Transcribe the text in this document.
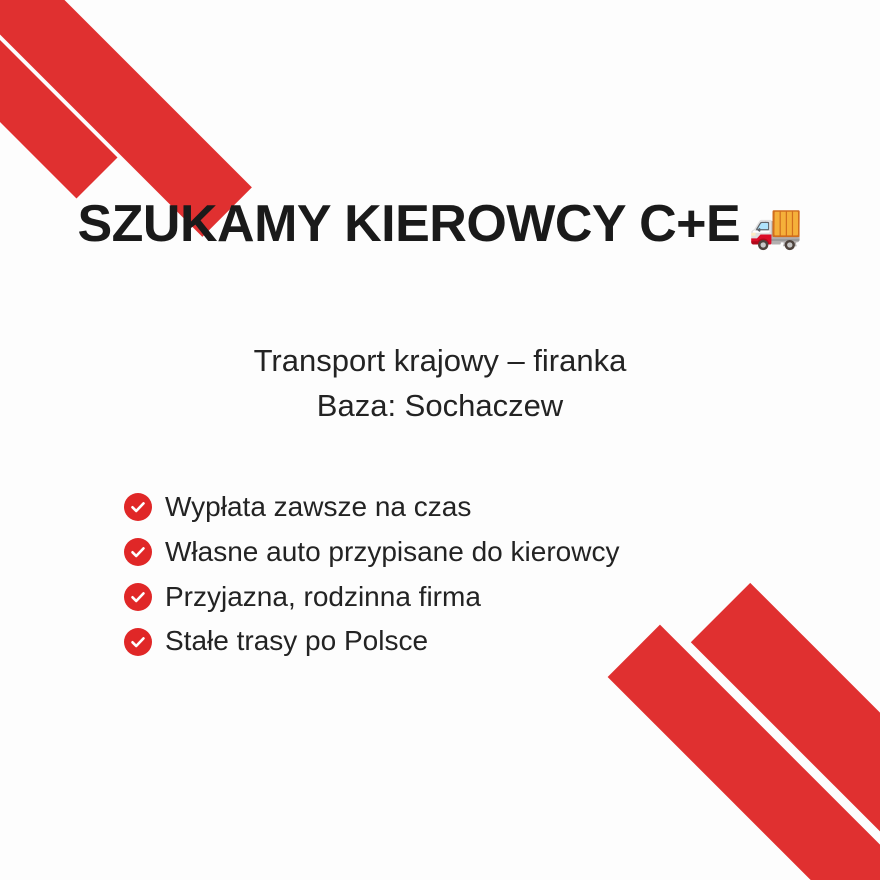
SZUKAMY KIEROWCY C+E 🚚
Transport krajowy – firanka
Baza: Sochaczew
Wypłata zawsze na czas
Własne auto przypisane do kierowcy
Przyjazna, rodzinna firma
Stałe trasy po Polsce
